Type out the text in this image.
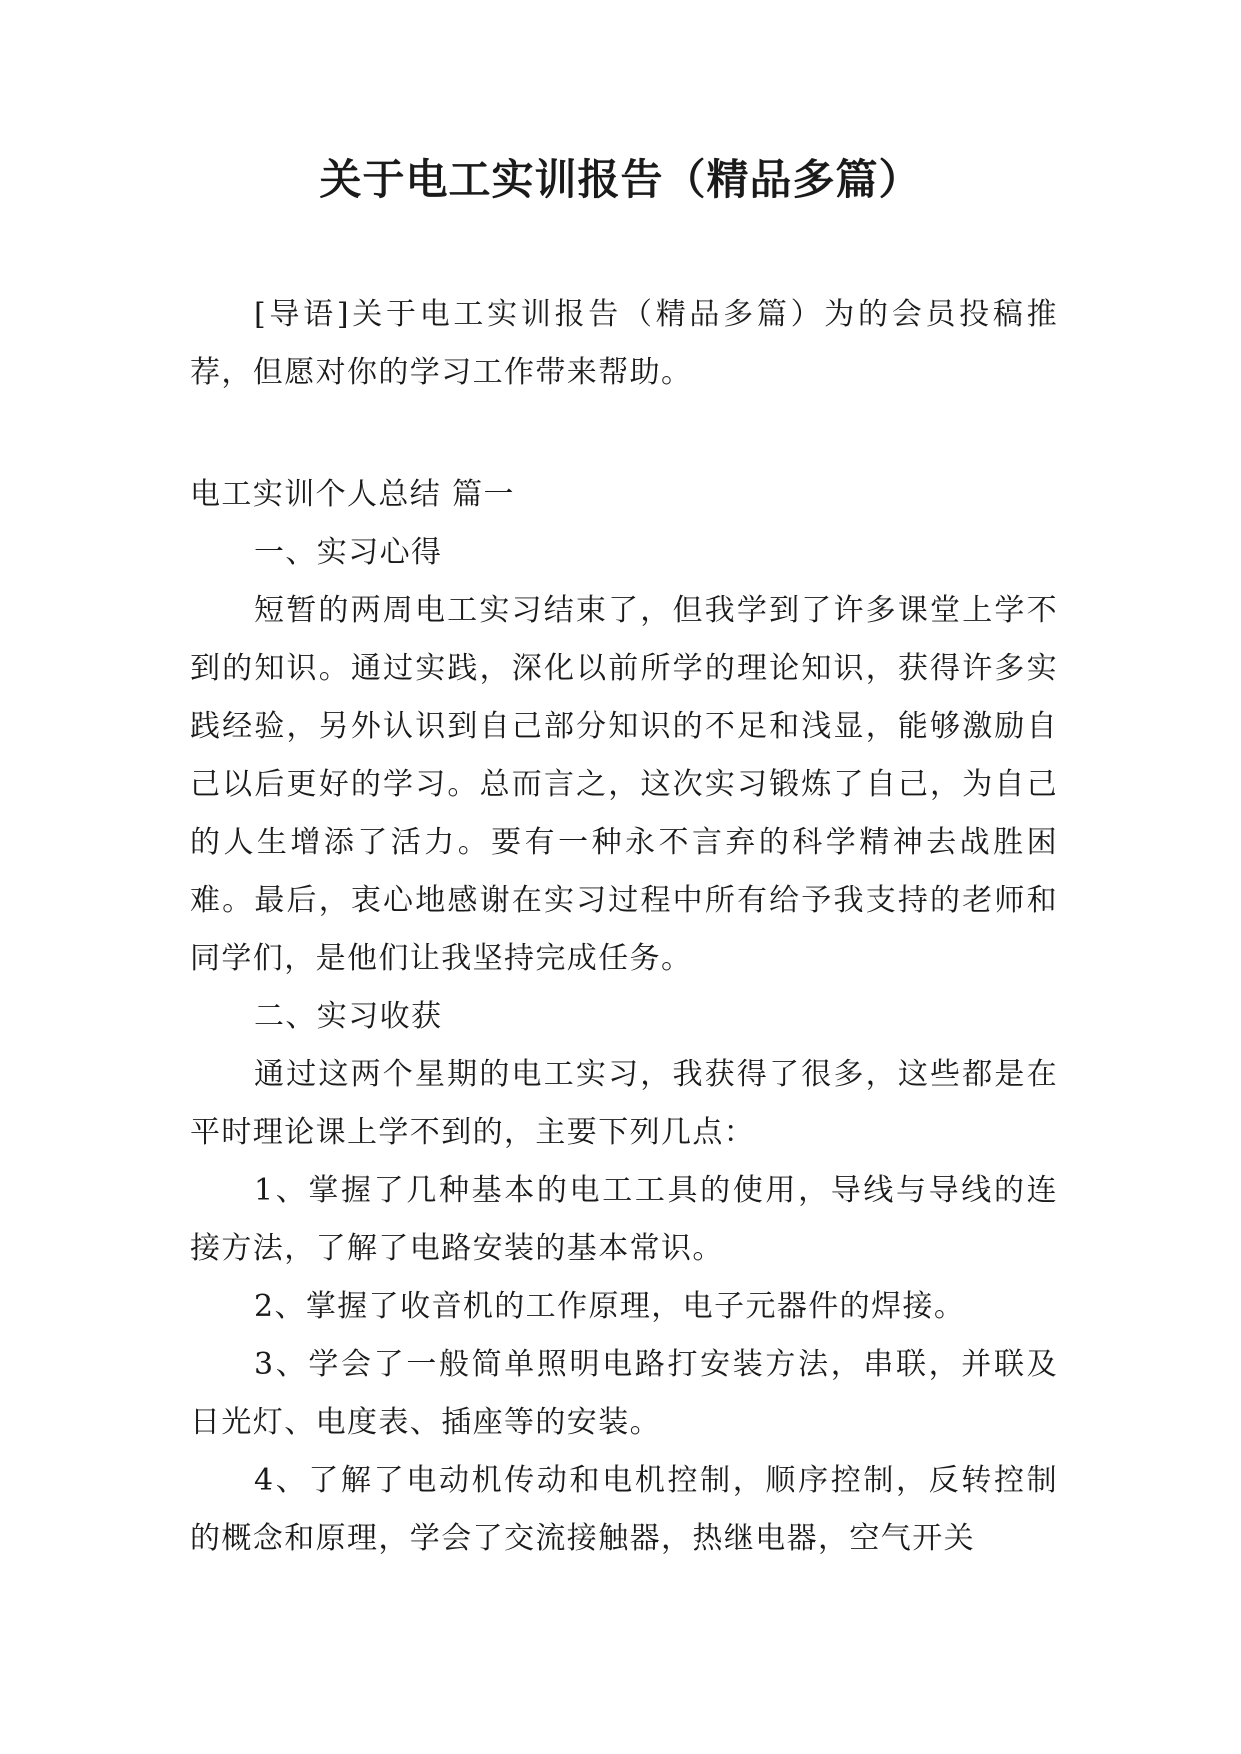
关于电工实训报告（精品多篇）

[导语]关于电工实训报告（精品多篇）为的会员投稿推荐，但愿对你的学习工作带来帮助。

电工实训个人总结 篇一

一、实习心得

短暂的两周电工实习结束了，但我学到了许多课堂上学不到的知识。通过实践，深化以前所学的理论知识，获得许多实践经验，另外认识到自己部分知识的不足和浅显，能够激励自己以后更好的学习。总而言之，这次实习锻炼了自己，为自己的人生增添了活力。要有一种永不言弃的科学精神去战胜困难。最后，衷心地感谢在实习过程中所有给予我支持的老师和同学们，是他们让我坚持完成任务。

二、实习收获

通过这两个星期的电工实习，我获得了很多，这些都是在平时理论课上学不到的，主要下列几点：

1、掌握了几种基本的电工工具的使用，导线与导线的连接方法，了解了电路安装的基本常识。

2、掌握了收音机的工作原理，电子元器件的焊接。

3、学会了一般简单照明电路打安装方法，串联，并联及日光灯、电度表、插座等的安装。

4、了解了电动机传动和电机控制，顺序控制，反转控制的概念和原理，学会了交流接触器，热继电器，空气开关
